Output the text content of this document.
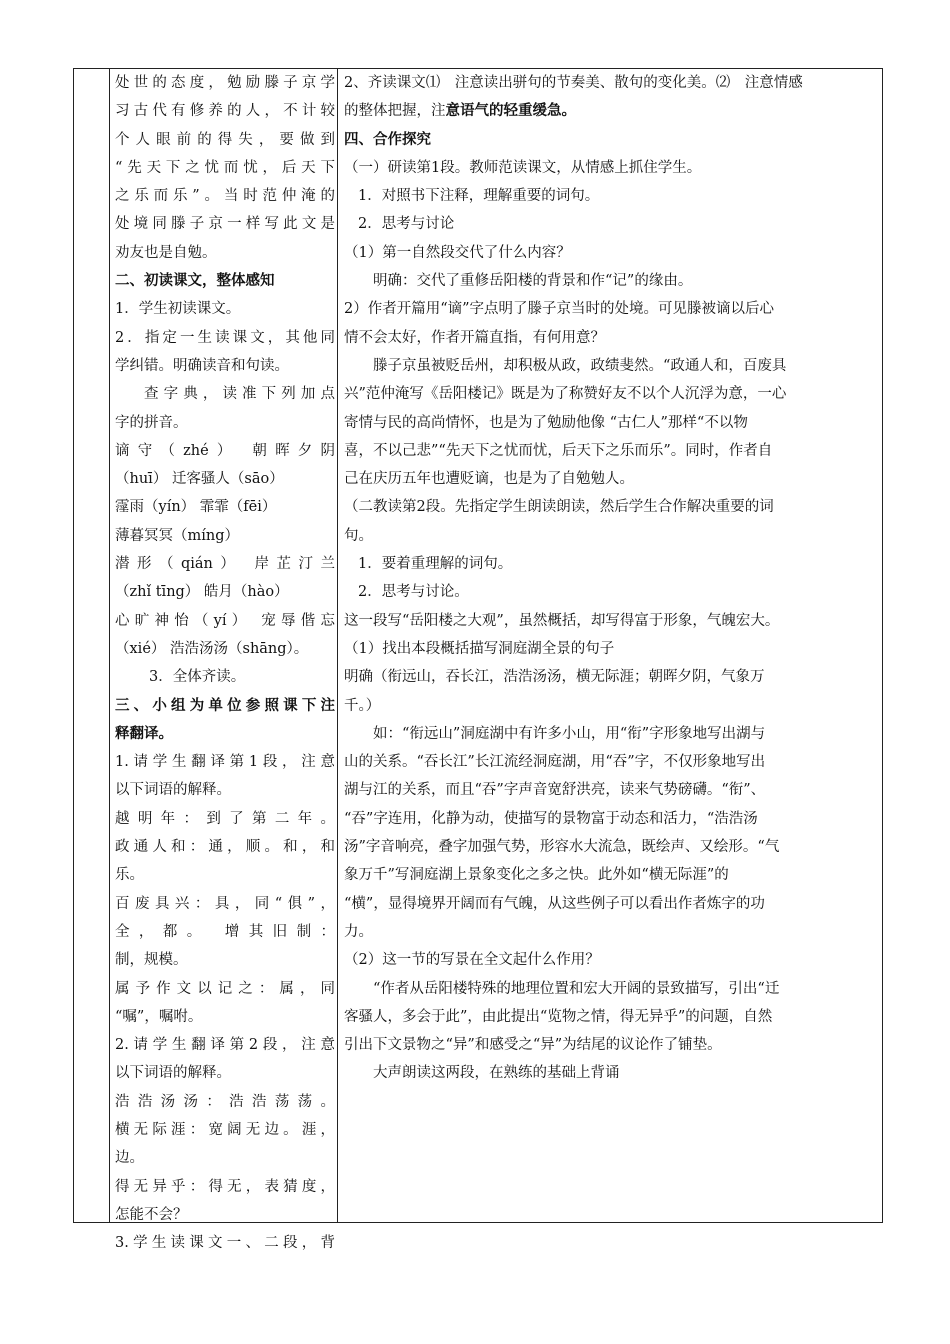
处世的态度，勉励滕子京学
习古代有修养的人，不计较
个人眼前的得失，要做到
“先天下之忧而忧，后天下
之乐而乐”。当时范仲淹的
处境同滕子京一样写此文是
劝友也是自勉。
二、初读课文，整体感知
1．学生初读课文。
2．指定一生读课文，其他同
学纠错。明确读音和句读。
查字典，读准下列加点
字的拼音。
谪守（zhé） 朝晖夕阴
（huī） 迁客骚人（sāo）
霪雨（yín） 霏霏（fēi）
薄暮冥冥（míng）
潜形（qián） 岸芷汀兰
（zhǐ tīng） 皓月（hào）
心旷神怡（yí） 宠辱偕忘
（xié） 浩浩汤汤（shāng）。
3．全体齐读。
三、小组为单位参照课下注
释翻译。
1.请学生翻译第1段，注意
以下词语的解释。
越明年：到了第二年。
政通人和：通，顺。和，和
乐。
百废具兴：具，同“俱”，
全，都。 增其旧制：
制，规模。
属予作文以记之：属，同
“嘱”，嘱咐。
2.请学生翻译第2段，注意
以下词语的解释。
浩浩汤汤：浩浩荡荡。
横无际涯：宽阔无边。涯，
边。
得无异乎：得无，表猜度，
怎能不会？
3.学生读课文一、二段，背
2、齐读课文⑴　注意读出骈句的节奏美、散句的变化美。⑵　注意情感
的整体把握，注意语气的轻重缓急。
四、合作探究
（一）研读第1段。教师范读课文，从情感上抓住学生。
1．对照书下注释，理解重要的词句。
2．思考与讨论
（1）第一自然段交代了什么内容？
明确：交代了重修岳阳楼的背景和作“记”的缘由。
2）作者开篇用“谪”字点明了滕子京当时的处境。可见滕被谪以后心
情不会太好，作者开篇直指，有何用意？
滕子京虽被贬岳州，却积极从政，政绩斐然。“政通人和，百废具
兴”范仲淹写《岳阳楼记》既是为了称赞好友不以个人沉浮为意，一心
寄情与民的高尚情怀，也是为了勉励他像 “古仁人”那样“不以物
喜，不以己悲”“先天下之忧而忧，后天下之乐而乐”。同时，作者自
己在庆历五年也遭贬谪，也是为了自勉勉人。
（二教读第2段。先指定学生朗读朗读，然后学生合作解决重要的词
句。
1．要着重理解的词句。
2．思考与讨论。
这一段写“岳阳楼之大观”，虽然概括，却写得富于形象，气魄宏大。
（1）找出本段概括描写洞庭湖全景的句子
明确（衔远山，吞长江，浩浩汤汤，横无际涯；朝晖夕阴，气象万
千。）
如：“衔远山”洞庭湖中有许多小山，用“衔”字形象地写出湖与
山的关系。“吞长江”长江流经洞庭湖，用“吞”字，不仅形象地写出
湖与江的关系，而且“吞”字声音宽舒洪亮，读来气势磅礴。“衔”、
“吞”字连用，化静为动，使描写的景物富于动态和活力，“浩浩汤
汤”字音响亮，叠字加强气势，形容水大流急，既绘声、又绘形。“气
象万千”写洞庭湖上景象变化之多之快。此外如“横无际涯”的
“横”，显得境界开阔而有气魄，从这些例子可以看出作者炼字的功
力。
（2）这一节的写景在全文起什么作用？
“作者从岳阳楼特殊的地理位置和宏大开阔的景致描写，引出“迁
客骚人，多会于此”，由此提出“览物之情，得无异乎”的问题，自然
引出下文景物之“异”和感受之“异”为结尾的议论作了铺垫。
大声朗读这两段，在熟练的基础上背诵
